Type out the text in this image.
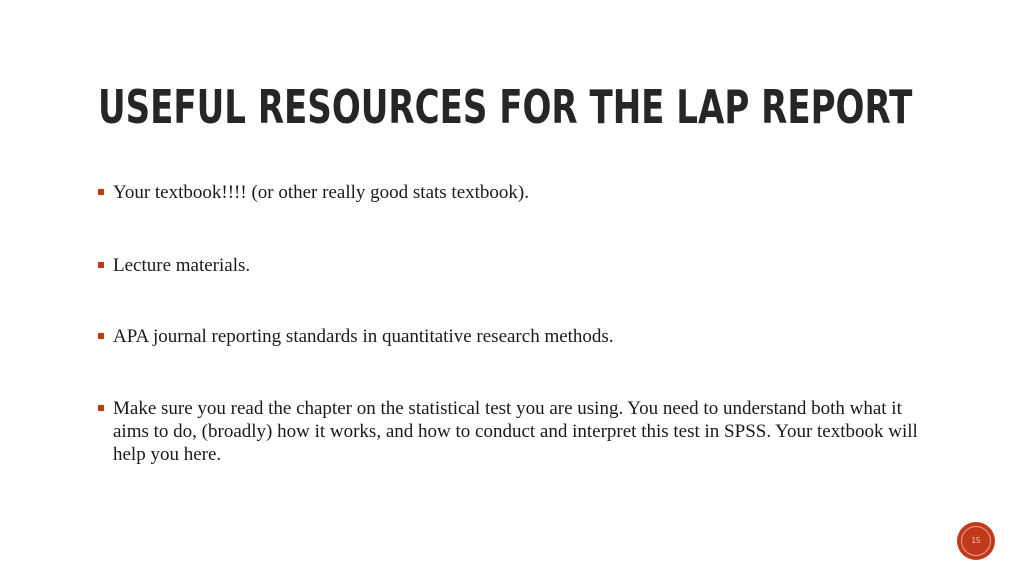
USEFUL RESOURCES FOR THE LAP REPORT
Your textbook!!!! (or other really good stats textbook).
Lecture materials.
APA journal reporting standards in quantitative research methods.
Make sure you read the chapter on the statistical test you are using. You need to understand both what it aims to do, (broadly) how it works, and how to conduct and interpret this test in SPSS. Your textbook will help you here.
15
